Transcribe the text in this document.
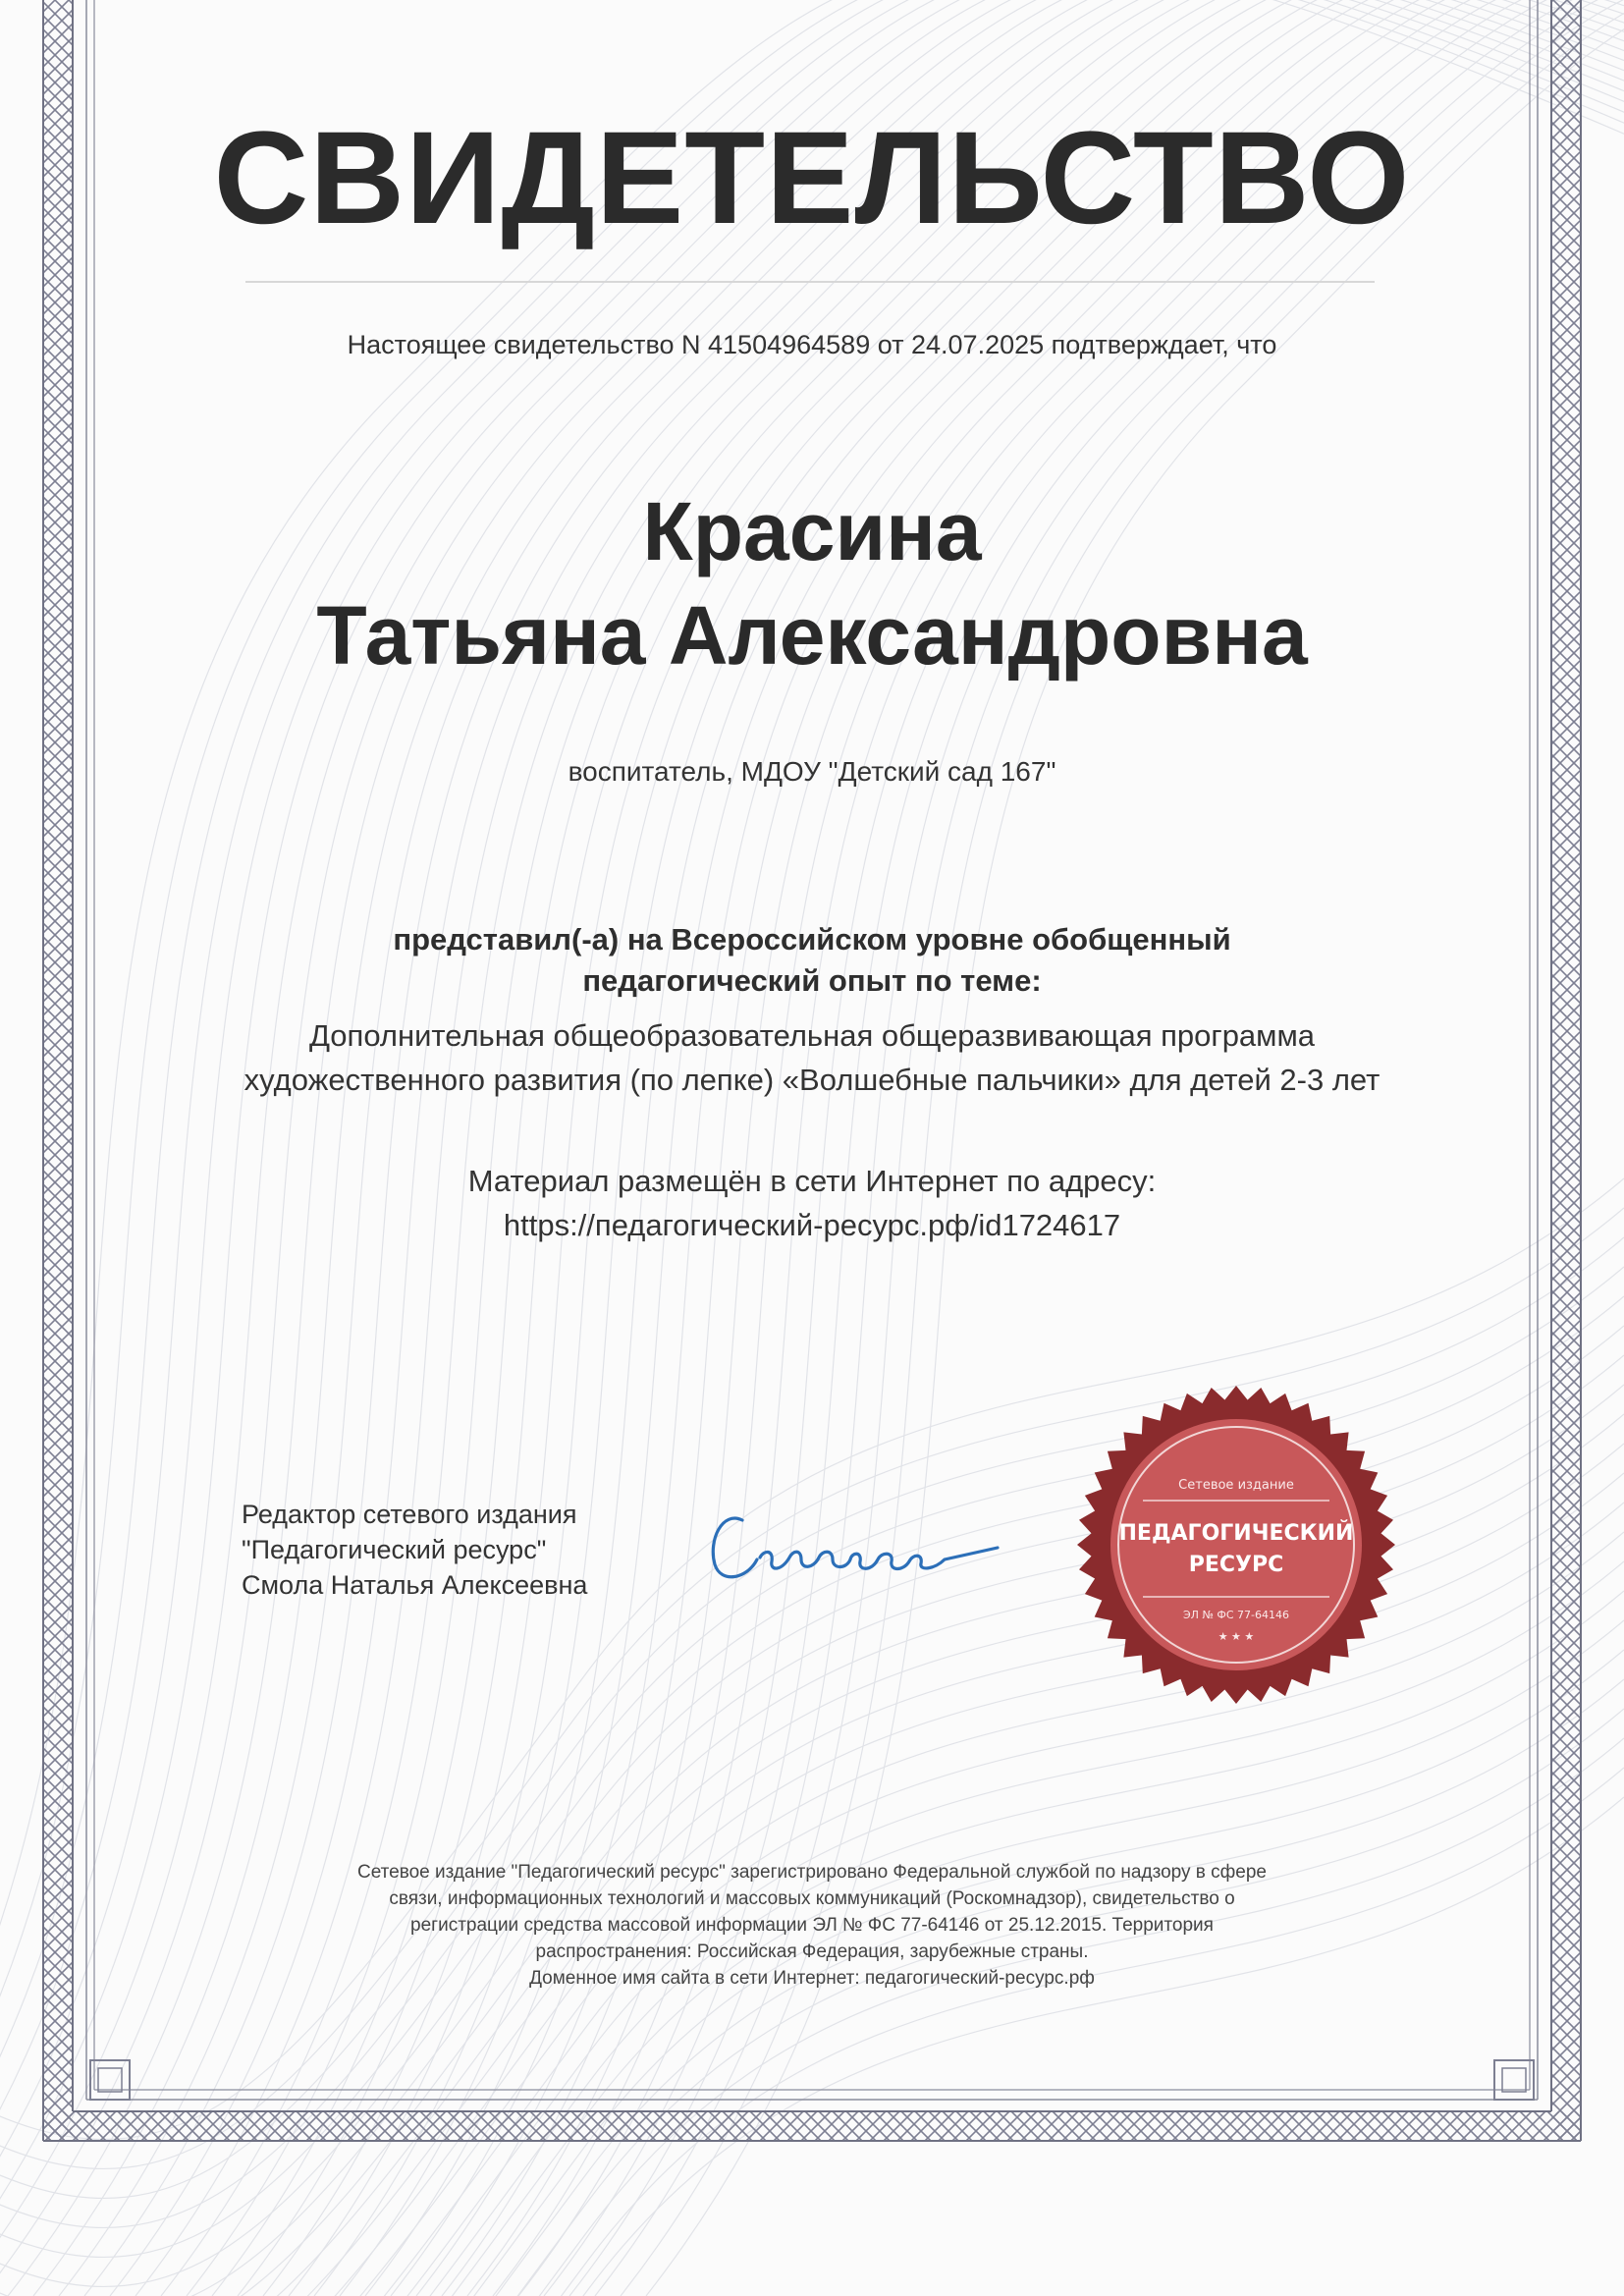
СВИДЕТЕЛЬСТВО
Настоящее свидетельство N 41504964589 от 24.07.2025 подтверждает, что
Красина
Татьяна Александровна
воспитатель, МДОУ "Детский сад 167"
представил(-а) на Всероссийском уровне обобщенный педагогический опыт по теме:
Дополнительная общеобразовательная общеразвивающая программа художественного развития (по лепке) «Волшебные пальчики» для детей 2-3 лет
Материал размещён в сети Интернет по адресу:
https://педагогический-ресурс.рф/id1724617
Редактор сетевого издания
"Педагогический ресурс"
Смола Наталья Алексеевна
Сетевое издание
ПЕДАГОГИЧЕСКИЙ
РЕСУРС
ЭЛ № ФС 77-64146
★ ★ ★
Сетевое издание "Педагогический ресурс" зарегистрировано Федеральной службой по надзору в сфере
связи, информационных технологий и массовых коммуникаций (Роскомнадзор), свидетельство о
регистрации средства массовой информации ЭЛ № ФС 77-64146 от 25.12.2015. Территория
распространения: Российская Федерация, зарубежные страны.
Доменное имя сайта в сети Интернет: педагогический-ресурс.рф
